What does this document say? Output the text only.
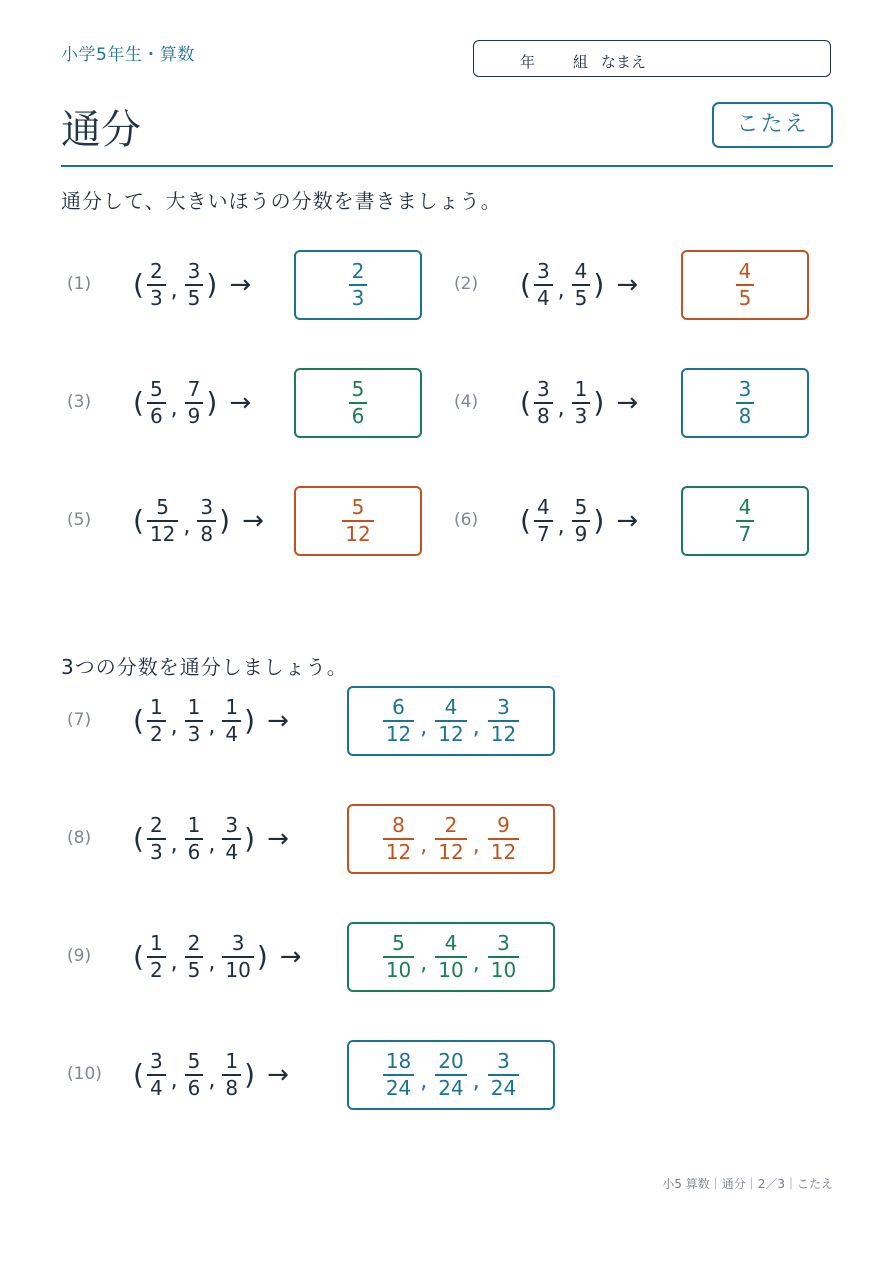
小学5年生・算数	年	組 なまえ
通分	こたえ
通分して、大きいほうの分数を書きましょう。
3つの分数を通分しましょう。
(1) ( $\frac{2}{3}$ , $\frac{3}{5}$ ) →	$\frac{2}{3}$	(2) ( $\frac{3}{4}$ , $\frac{4}{5}$ ) →	$\frac{4}{5}$
(3) ( $\frac{5}{6}$ , $\frac{7}{9}$ ) →	$\frac{5}{6}$	(4) ( $\frac{3}{8}$ , $\frac{1}{3}$ ) →	$\frac{3}{8}$
(5) ( $\frac{5}{12}$ , $\frac{3}{8}$ ) →	$\frac{5}{12}$	(6) ( $\frac{4}{7}$ , $\frac{5}{9}$ ) →	$\frac{4}{7}$
(7) ( $\frac{1}{2}$ , $\frac{1}{3}$ , $\frac{1}{4}$ ) →	$\frac{6}{12}$ , $\frac{4}{12}$ , $\frac{3}{12}$
(8) ( $\frac{2}{3}$ , $\frac{1}{6}$ , $\frac{3}{4}$ ) →	$\frac{8}{12}$ , $\frac{2}{12}$ , $\frac{9}{12}$
(9) ( $\frac{1}{2}$ , $\frac{2}{5}$ , $\frac{3}{10}$ ) →	$\frac{5}{10}$ , $\frac{4}{10}$ , $\frac{3}{10}$
(10) ( $\frac{3}{4}$ , $\frac{5}{6}$ , $\frac{1}{8}$ ) →	$\frac{18}{24}$ , $\frac{20}{24}$ , $\frac{3}{24}$
小5 算数｜通分｜2／3｜こたえ
